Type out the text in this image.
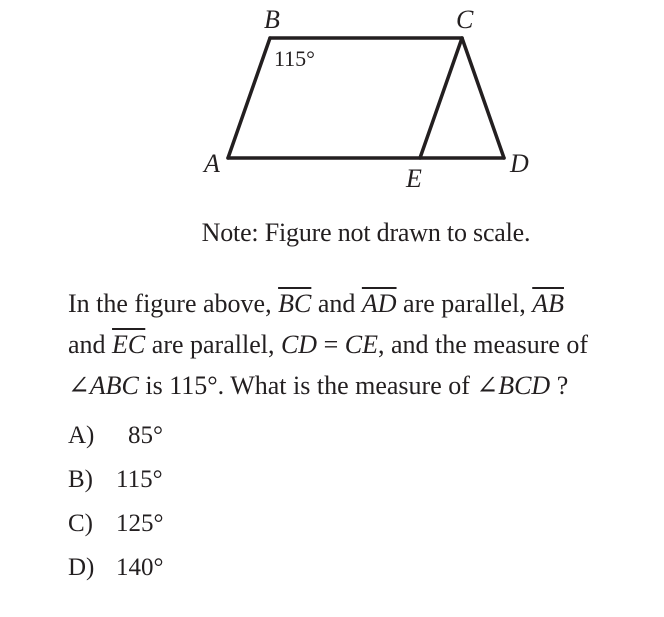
B	C
A	D
E
115°
Note: Figure not drawn to scale.
In the figure above, $\overline{BC}$ and $\overline{AD}$ are parallel, $\overline{AB}$
and $\overline{EC}$ are parallel, CD = CE, and the measure of
∠ABC is 115°. What is the measure of ∠BCD ?
A) 85°
B) 115°
C) 125°
D) 140°
